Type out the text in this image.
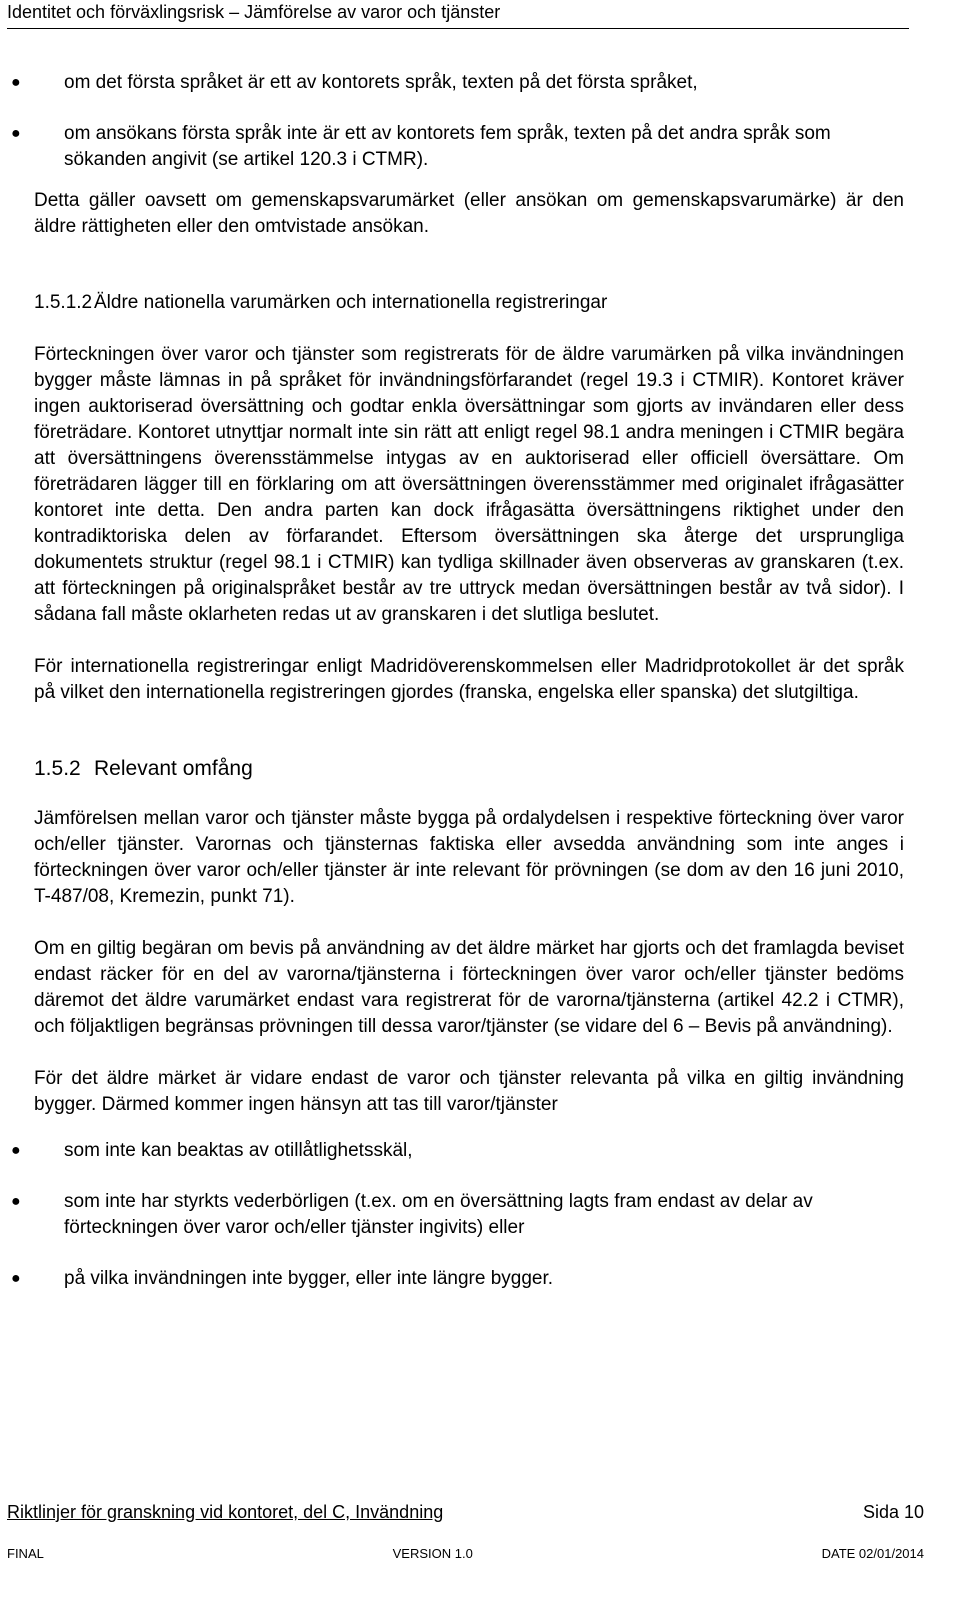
Identitet och förväxlingsrisk – Jämförelse av varor och tjänster
● om det första språket är ett av kontorets språk, texten på det första språket,
● om ansökans första språk inte är ett av kontorets fem språk, texten på det andra språk som sökanden angivit (se artikel 120.3 i CTMR).

Detta gäller oavsett om gemenskapsvarumärket (eller ansökan om gemenskapsvarumärke) är den äldre rättigheten eller den omtvistade ansökan.

1.5.1.2 Äldre nationella varumärken och internationella registreringar

Förteckningen över varor och tjänster som registrerats för de äldre varumärken på vilka invändningen bygger måste lämnas in på språket för invändningsförfarandet (regel 19.3 i CTMIR). Kontoret kräver ingen auktoriserad översättning och godtar enkla översättningar som gjorts av invändaren eller dess företrädare. Kontoret utnyttjar normalt inte sin rätt att enligt regel 98.1 andra meningen i CTMIR begära att översättningens överensstämmelse intygas av en auktoriserad eller officiell översättare. Om företrädaren lägger till en förklaring om att översättningen överensstämmer med originalet ifrågasätter kontoret inte detta. Den andra parten kan dock ifrågasätta översättningens riktighet under den kontradiktoriska delen av förfarandet. Eftersom översättningen ska återge det ursprungliga dokumentets struktur (regel 98.1 i CTMIR) kan tydliga skillnader även observeras av granskaren (t.ex. att förteckningen på originalspråket består av tre uttryck medan översättningen består av två sidor). I sådana fall måste oklarheten redas ut av granskaren i det slutliga beslutet.

För internationella registreringar enligt Madridöverenskommelsen eller Madridprotokollet är det språk på vilket den internationella registreringen gjordes (franska, engelska eller spanska) det slutgiltiga.

1.5.2 Relevant omfång

Jämförelsen mellan varor och tjänster måste bygga på ordalydelsen i respektive förteckning över varor och/eller tjänster. Varornas och tjänsternas faktiska eller avsedda användning som inte anges i förteckningen över varor och/eller tjänster är inte relevant för prövningen (se dom av den 16 juni 2010, T-487/08, Kremezin, punkt 71).

Om en giltig begäran om bevis på användning av det äldre märket har gjorts och det framlagda beviset endast räcker för en del av varorna/tjänsterna i förteckningen över varor och/eller tjänster bedöms däremot det äldre varumärket endast vara registrerat för de varorna/tjänsterna (artikel 42.2 i CTMR), och följaktligen begränsas prövningen till dessa varor/tjänster (se vidare del 6 – Bevis på användning).

För det äldre märket är vidare endast de varor och tjänster relevanta på vilka en giltig invändning bygger. Därmed kommer ingen hänsyn att tas till varor/tjänster

● som inte kan beaktas av otillåtlighetsskäl,
● som inte har styrkts vederbörligen (t.ex. om en översättning lagts fram endast av delar av förteckningen över varor och/eller tjänster ingivits) eller
● på vilka invändningen inte bygger, eller inte längre bygger.
Riktlinjer för granskning vid kontoret, del C, Invändning	Sida 10
FINAL	VERSION 1.0	DATE 02/01/2014
